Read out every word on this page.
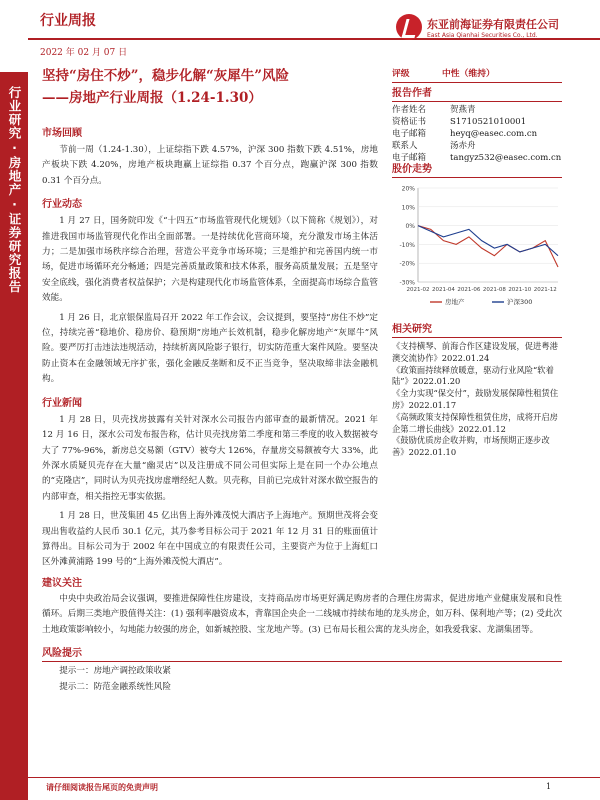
行业周报
2022 年 02 月 07 日
东亚前海证券有限责任公司
East Asia Qianhai Securities Co., Ltd.
行业研究·房地产·证券研究报告
坚持“房住不炒”，稳步化解“灰犀牛”风险
——房地产行业周报（1.24-1.30）
市场回顾
节前一周（1.24-1.30），上证综指下跌 4.57%，沪深 300 指数下跌 4.51%，房地产板块下跌 4.20%，房地产板块跑赢上证综指 0.37 个百分点，跑赢沪深 300 指数 0.31 个百分点。
行业动态
1 月 27 日，国务院印发《“十四五”市场监管现代化规划》（以下简称《规划》），对推进我国市场监管现代化作出全面部署。一是持续优化营商环境，充分激发市场主体活力；二是加强市场秩序综合治理，营造公平竞争市场环境；三是维护和完善国内统一市场，促进市场循环充分畅通；四是完善质量政策和技术体系，服务高质量发展；五是坚守安全底线，强化消费者权益保护；六是构建现代化市场监管体系，全面提高市场综合监管效能。
1 月 26 日，北京银保监局召开 2022 年工作会议，会议提到，要坚持“房住不炒”定位，持续完善“稳地价、稳房价、稳预期”房地产长效机制，稳步化解房地产“灰犀牛”风险。要严厉打击违法违规活动，持续析离风险影子银行，切实防范重大案件风险。要坚决防止资本在金融领域无序扩张，强化金融反垄断和反不正当竞争，坚决取缔非法金融机构。
行业新闻
1 月 28 日，贝壳找房披露有关针对深水公司报告内部审查的最新情况。2021 年 12 月 16 日，深水公司发布报告称，估计贝壳找房第二季度和第三季度的收入数据被夸大了 77%-96%，新房总交易额（GTV）被夸大 126%，存量房交易额被夸大 33%，此外深水质疑贝壳存在大量“幽灵店”以及注册成不同公司但实际上是在同一个办公地点的“克隆店”，同时认为贝壳找房虚增经纪人数。贝壳称，目前已完成针对深水做空报告的内部审查，相关指控无事实依据。
1 月 28 日，世茂集团 45 亿出售上海外滩茂悦大酒店予上海地产。预期世茂将会变现出售收益约人民币 30.1 亿元，其乃参考目标公司于 2021 年 12 月 31 日的账面值计算得出。目标公司为于 2002 年在中国成立的有限责任公司，主要资产为位于上海虹口区外滩黄浦路 199 号的“上海外滩茂悦大酒店”。
建议关注
中央中央政治局会议强调，要推进保障性住房建设，支持商品房市场更好满足购房者的合理住房需求，促进房地产业健康发展和良性循环。后期三类地产股值得关注：(1) 强利率融资成本，背靠国企央企一二线城市持续布地的龙头房企，如万科、保利地产等；(2) 受此次土地政策影响较小，勾地能力较强的房企，如新城控股、宝龙地产等。(3) 已布局长租公寓的龙头房企，如我爱我家、龙湖集团等。
风险提示
提示一：房地产调控政策收紧
提示二：防范金融系统性风险
评级	中性（维持）
报告作者
作者姓名	贺燕青
资格证书	S1710521010001
电子邮箱	heyq@easec.com.cn
联系人	汤赤舟
电子邮箱	tangyz532@easec.com.cn
股价走势
20%
10%
0%
-10%
-20%
-30%
2021-02 2021-04 2021-06 2021-08 2021-10 2021-12
房地产	沪深300
相关研究
《支持横琴、前海合作区建设发展，促进粤港澳交流协作》2022.01.24
《政策面持续释放暖意，驱动行业风险“软着陆”》2022.01.20
《全力实现“保交付”，鼓励发展保障性租赁住房》2022.01.17
《高频政策支持保障性租赁住房，成将开启房企第二增长曲线》2022.01.12
《鼓励优质房企收并购，市场预期正逐步改善》2022.01.10
请仔细阅读报告尾页的免责声明	1
